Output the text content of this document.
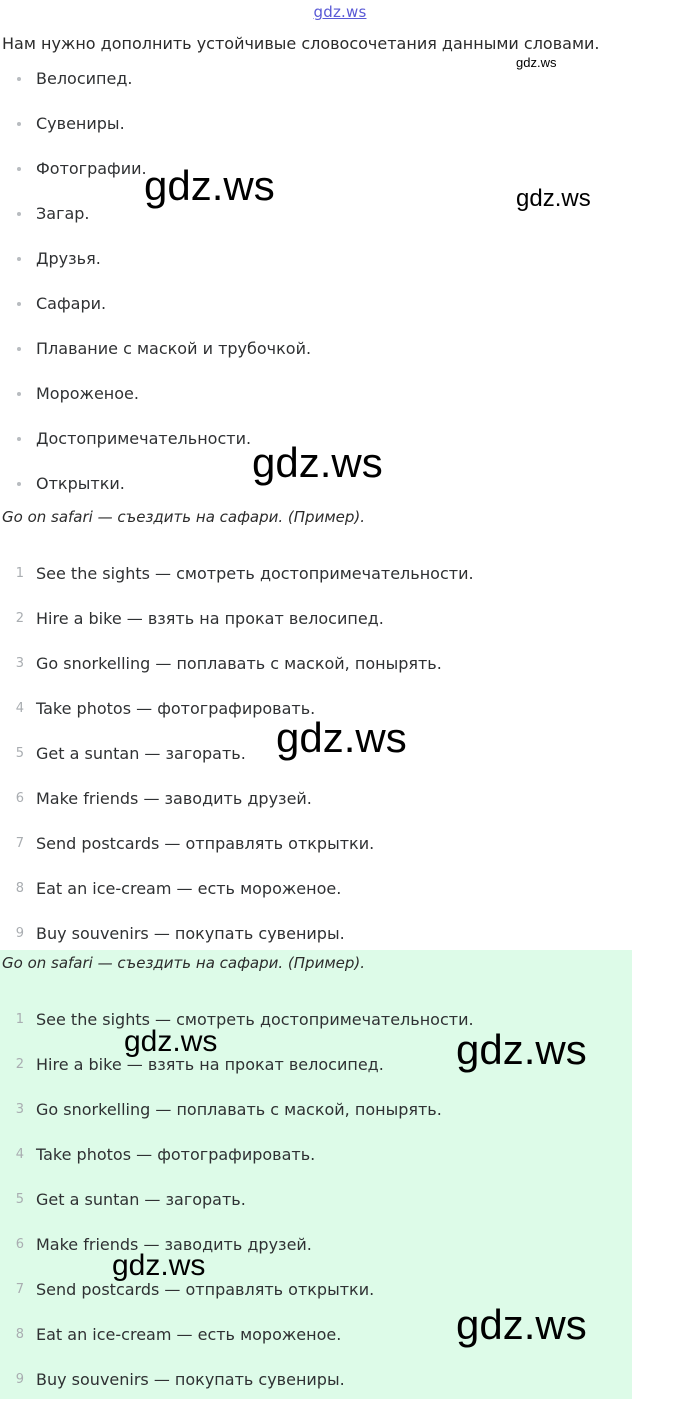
gdz.ws
Нам нужно дополнить устойчивые словосочетания данными словами.
Велосипед.
Сувениры.
Фотографии.
Загар.
Друзья.
Сафари.
Плавание с маской и трубочкой.
Мороженое.
Достопримечательности.
Открытки.
Go on safari — съездить на сафари. (Пример).
1 See the sights — смотреть достопримечательности.
2 Hire a bike — взять на прокат велосипед.
3 Go snorkelling — поплавать с маской, понырять.
4 Take photos — фотографировать.
5 Get a suntan — загорать.
6 Make friends — заводить друзей.
7 Send postcards — отправлять открытки.
8 Eat an ice-cream — есть мороженое.
9 Buy souvenirs — покупать сувениры.
Go on safari — съездить на сафари. (Пример).
1 See the sights — смотреть достопримечательности.
2 Hire a bike — взять на прокат велосипед.
3 Go snorkelling — поплавать с маской, понырять.
4 Take photos — фотографировать.
5 Get a suntan — загорать.
6 Make friends — заводить друзей.
7 Send postcards — отправлять открытки.
8 Eat an ice-cream — есть мороженое.
9 Buy souvenirs — покупать сувениры.
gdz.ws
gdz.ws	gdz.ws
gdz.ws
gdz.ws
gdz.ws	gdz.ws
gdz.ws
gdz.ws
